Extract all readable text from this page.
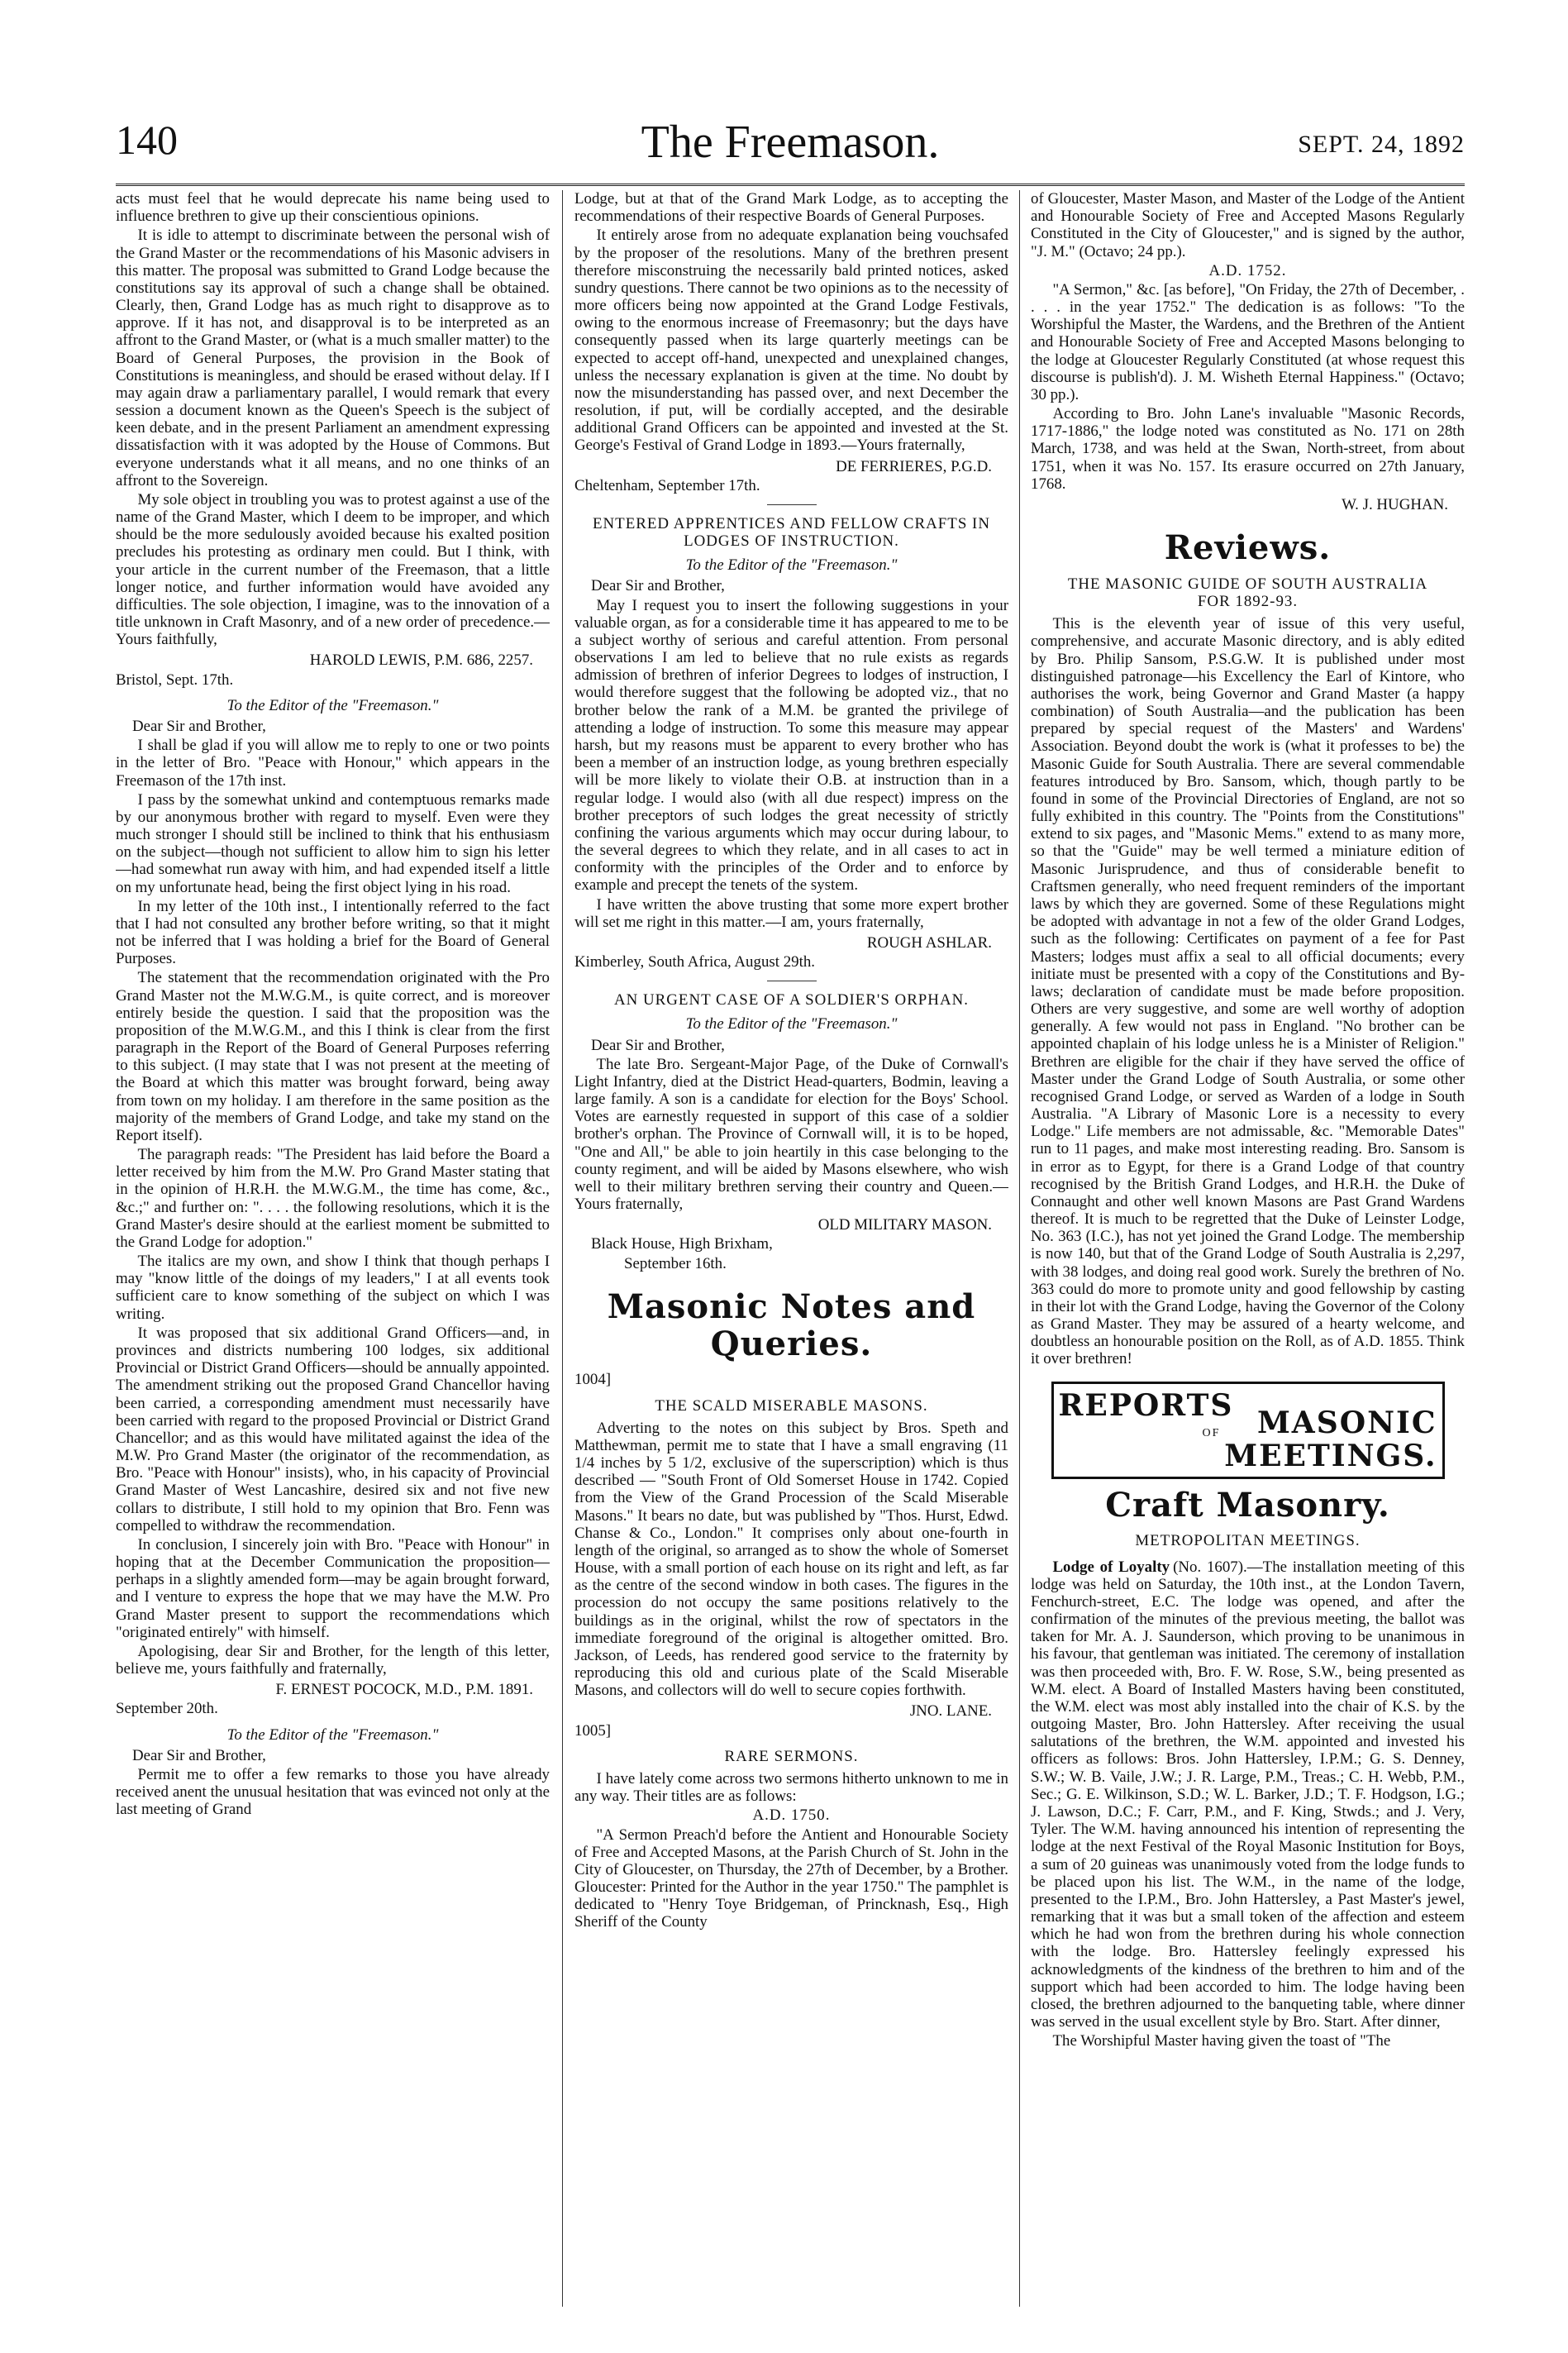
140	The Freemason.	SEPT. 24, 1892

acts must feel that he would deprecate his name being used to influence brethren to give up their conscientious opinions.

It is idle to attempt to discriminate between the personal wish of the Grand Master or the recommendations of his Masonic advisers in this matter. The proposal was submitted to Grand Lodge because the constitutions say its approval of such a change shall be obtained. Clearly, then, Grand Lodge has as much right to disapprove as to approve. If it has not, and disapproval is to be interpreted as an affront to the Grand Master, or (what is a much smaller matter) to the Board of General Purposes, the provision in the Book of Constitutions is meaningless, and should be erased without delay. If I may again draw a parliamentary parallel, I would remark that every session a document known as the Queen's Speech is the subject of keen debate, and in the present Parliament an amendment expressing dissatisfaction with it was adopted by the House of Commons. But everyone understands what it all means, and no one thinks of an affront to the Sovereign.

My sole object in troubling you was to protest against a use of the name of the Grand Master, which I deem to be improper, and which should be the more sedulously avoided because his exalted position precludes his protesting as ordinary men could. But I think, with your article in the current number of the Freemason, that a little longer notice, and further information would have avoided any difficulties. The sole objection, I imagine, was to the innovation of a title unknown in Craft Masonry, and of a new order of precedence.—Yours faithfully,

HAROLD LEWIS, P.M. 686, 2257.

Bristol, Sept. 17th.

To the Editor of the "Freemason."

Dear Sir and Brother,

I shall be glad if you will allow me to reply to one or two points in the letter of Bro. "Peace with Honour," which appears in the Freemason of the 17th inst.

I pass by the somewhat unkind and contemptuous remarks made by our anonymous brother with regard to myself. Even were they much stronger I should still be inclined to think that his enthusiasm on the subject—though not sufficient to allow him to sign his letter—had somewhat run away with him, and had expended itself a little on my unfortunate head, being the first object lying in his road.

In my letter of the 10th inst., I intentionally referred to the fact that I had not consulted any brother before writing, so that it might not be inferred that I was holding a brief for the Board of General Purposes.

The statement that the recommendation originated with the Pro Grand Master not the M.W.G.M., is quite correct, and is moreover entirely beside the question. I said that the proposition was the proposition of the M.W.G.M., and this I think is clear from the first paragraph in the Report of the Board of General Purposes referring to this subject. (I may state that I was not present at the meeting of the Board at which this matter was brought forward, being away from town on my holiday. I am therefore in the same position as the majority of the members of Grand Lodge, and take my stand on the Report itself).

The paragraph reads: "The President has laid before the Board a letter received by him from the M.W. Pro Grand Master stating that in the opinion of H.R.H. the M.W.G.M., the time has come, &c., &c.;" and further on: ". . . . the following resolutions, which it is the Grand Master's desire should at the earliest moment be submitted to the Grand Lodge for adoption."

The italics are my own, and show I think that though perhaps I may "know little of the doings of my leaders," I at all events took sufficient care to know something of the subject on which I was writing.

It was proposed that six additional Grand Officers—and, in provinces and districts numbering 100 lodges, six additional Provincial or District Grand Officers—should be annually appointed. The amendment striking out the proposed Grand Chancellor having been carried, a corresponding amendment must necessarily have been carried with regard to the proposed Provincial or District Grand Chancellor; and as this would have militated against the idea of the M.W. Pro Grand Master (the originator of the recommendation, as Bro. "Peace with Honour" insists), who, in his capacity of Provincial Grand Master of West Lancashire, desired six and not five new collars to distribute, I still hold to my opinion that Bro. Fenn was compelled to withdraw the recommendation.

In conclusion, I sincerely join with Bro. "Peace with Honour" in hoping that at the December Communication the proposition—perhaps in a slightly amended form—may be again brought forward, and I venture to express the hope that we may have the M.W. Pro Grand Master present to support the recommendations which "originated entirely" with himself.

Apologising, dear Sir and Brother, for the length of this letter, believe me, yours faithfully and fraternally,

F. ERNEST POCOCK, M.D., P.M. 1891.

September 20th.

To the Editor of the "Freemason."

Dear Sir and Brother,

Permit me to offer a few remarks to those you have already received anent the unusual hesitation that was evinced not only at the last meeting of Grand

Lodge, but at that of the Grand Mark Lodge, as to accepting the recommendations of their respective Boards of General Purposes.

It entirely arose from no adequate explanation being vouchsafed by the proposer of the resolutions. Many of the brethren present therefore misconstruing the necessarily bald printed notices, asked sundry questions. There cannot be two opinions as to the necessity of more officers being now appointed at the Grand Lodge Festivals, owing to the enormous increase of Freemasonry; but the days have consequently passed when its large quarterly meetings can be expected to accept off-hand, unexpected and unexplained changes, unless the necessary explanation is given at the time. No doubt by now the misunderstanding has passed over, and next December the resolution, if put, will be cordially accepted, and the desirable additional Grand Officers can be appointed and invested at the St. George's Festival of Grand Lodge in 1893.—Yours fraternally,

DE FERRIERES, P.G.D.

Cheltenham, September 17th.

ENTERED APPRENTICES AND FELLOW CRAFTS IN LODGES OF INSTRUCTION.

To the Editor of the "Freemason."

Dear Sir and Brother,

May I request you to insert the following suggestions in your valuable organ, as for a considerable time it has appeared to me to be a subject worthy of serious and careful attention. From personal observations I am led to believe that no rule exists as regards admission of brethren of inferior Degrees to lodges of instruction, I would therefore suggest that the following be adopted viz., that no brother below the rank of a M.M. be granted the privilege of attending a lodge of instruction. To some this measure may appear harsh, but my reasons must be apparent to every brother who has been a member of an instruction lodge, as young brethren especially will be more likely to violate their O.B. at instruction than in a regular lodge. I would also (with all due respect) impress on the brother preceptors of such lodges the great necessity of strictly confining the various arguments which may occur during labour, to the several degrees to which they relate, and in all cases to act in conformity with the principles of the Order and to enforce by example and precept the tenets of the system.

I have written the above trusting that some more expert brother will set me right in this matter.—I am, yours fraternally,

ROUGH ASHLAR.

Kimberley, South Africa, August 29th.

AN URGENT CASE OF A SOLDIER'S ORPHAN.

To the Editor of the "Freemason."

Dear Sir and Brother,

The late Bro. Sergeant-Major Page, of the Duke of Cornwall's Light Infantry, died at the District Head-quarters, Bodmin, leaving a large family. A son is a candidate for election for the Boys' School. Votes are earnestly requested in support of this case of a soldier brother's orphan. The Province of Cornwall will, it is to be hoped, "One and All," be able to join heartily in this case belonging to the county regiment, and will be aided by Masons elsewhere, who wish well to their military brethren serving their country and Queen.—Yours fraternally,

OLD MILITARY MASON.

Black House, High Brixham,

September 16th.

Masonic Notes and Queries.

1004]

THE SCALD MISERABLE MASONS.

Adverting to the notes on this subject by Bros. Speth and Matthewman, permit me to state that I have a small engraving (11 1/4 inches by 5 1/2, exclusive of the superscription) which is thus described — "South Front of Old Somerset House in 1742. Copied from the View of the Grand Procession of the Scald Miserable Masons." It bears no date, but was published by "Thos. Hurst, Edwd. Chanse & Co., London." It comprises only about one-fourth in length of the original, so arranged as to show the whole of Somerset House, with a small portion of each house on its right and left, as far as the centre of the second window in both cases. The figures in the procession do not occupy the same positions relatively to the buildings as in the original, whilst the row of spectators in the immediate foreground of the original is altogether omitted. Bro. Jackson, of Leeds, has rendered good service to the fraternity by reproducing this old and curious plate of the Scald Miserable Masons, and collectors will do well to secure copies forthwith.

JNO. LANE.

1005]

RARE SERMONS.

I have lately come across two sermons hitherto unknown to me in any way. Their titles are as follows:

A.D. 1750.

"A Sermon Preach'd before the Antient and Honourable Society of Free and Accepted Masons, at the Parish Church of St. John in the City of Gloucester, on Thursday, the 27th of December, by a Brother. Gloucester: Printed for the Author in the year 1750." The pamphlet is dedicated to "Henry Toye Bridgeman, of Princknash, Esq., High Sheriff of the County

of Gloucester, Master Mason, and Master of the Lodge of the Antient and Honourable Society of Free and Accepted Masons Regularly Constituted in the City of Gloucester," and is signed by the author, "J. M." (Octavo; 24 pp.).

A.D. 1752.

"A Sermon," &c. [as before], "On Friday, the 27th of December, . . . . in the year 1752." The dedication is as follows: "To the Worshipful the Master, the Wardens, and the Brethren of the Antient and Honourable Society of Free and Accepted Masons belonging to the lodge at Gloucester Regularly Constituted (at whose request this discourse is publish'd). J. M. Wisheth Eternal Happiness." (Octavo; 30 pp.).

According to Bro. John Lane's invaluable "Masonic Records, 1717-1886," the lodge noted was constituted as No. 171 on 28th March, 1738, and was held at the Swan, North-street, from about 1751, when it was No. 157. Its erasure occurred on 27th January, 1768.

W. J. HUGHAN.

Reviews.

THE MASONIC GUIDE OF SOUTH AUSTRALIA

FOR 1892-93.

This is the eleventh year of issue of this very useful, comprehensive, and accurate Masonic directory, and is ably edited by Bro. Philip Sansom, P.S.G.W. It is published under most distinguished patronage—his Excellency the Earl of Kintore, who authorises the work, being Governor and Grand Master (a happy combination) of South Australia—and the publication has been prepared by special request of the Masters' and Wardens' Association. Beyond doubt the work is (what it professes to be) the Masonic Guide for South Australia. There are several commendable features introduced by Bro. Sansom, which, though partly to be found in some of the Provincial Directories of England, are not so fully exhibited in this country. The "Points from the Constitutions" extend to six pages, and "Masonic Mems." extend to as many more, so that the "Guide" may be well termed a miniature edition of Masonic Jurisprudence, and thus of considerable benefit to Craftsmen generally, who need frequent reminders of the important laws by which they are governed. Some of these Regulations might be adopted with advantage in not a few of the older Grand Lodges, such as the following: Certificates on payment of a fee for Past Masters; lodges must affix a seal to all official documents; every initiate must be presented with a copy of the Constitutions and By-laws; declaration of candidate must be made before proposition. Others are very suggestive, and some are well worthy of adoption generally. A few would not pass in England. "No brother can be appointed chaplain of his lodge unless he is a Minister of Religion." Brethren are eligible for the chair if they have served the office of Master under the Grand Lodge of South Australia, or some other recognised Grand Lodge, or served as Warden of a lodge in South Australia. "A Library of Masonic Lore is a necessity to every Lodge." Life members are not admissable, &c. "Memorable Dates" run to 11 pages, and make most interesting reading. Bro. Sansom is in error as to Egypt, for there is a Grand Lodge of that country recognised by the British Grand Lodges, and H.R.H. the Duke of Connaught and other well known Masons are Past Grand Wardens thereof. It is much to be regretted that the Duke of Leinster Lodge, No. 363 (I.C.), has not yet joined the Grand Lodge. The membership is now 140, but that of the Grand Lodge of South Australia is 2,297, with 38 lodges, and doing real good work. Surely the brethren of No. 363 could do more to promote unity and good fellowship by casting in their lot with the Grand Lodge, having the Governor of the Colony as Grand Master. They may be assured of a hearty welcome, and doubtless an honourable position on the Roll, as of A.D. 1855. Think it over brethren!

REPORTS
OF	MASONIC MEETINGS.
Craft Masonry.

METROPOLITAN MEETINGS.

Lodge of Loyalty (No. 1607).—The installation meeting of this lodge was held on Saturday, the 10th inst., at the London Tavern, Fenchurch-street, E.C. The lodge was opened, and after the confirmation of the minutes of the previous meeting, the ballot was taken for Mr. A. J. Saunderson, which proving to be unanimous in his favour, that gentleman was initiated. The ceremony of installation was then proceeded with, Bro. F. W. Rose, S.W., being presented as W.M. elect. A Board of Installed Masters having been constituted, the W.M. elect was most ably installed into the chair of K.S. by the outgoing Master, Bro. John Hattersley. After receiving the usual salutations of the brethren, the W.M. appointed and invested his officers as follows: Bros. John Hattersley, I.P.M.; G. S. Denney, S.W.; W. B. Vaile, J.W.; J. R. Large, P.M., Treas.; C. H. Webb, P.M., Sec.; G. E. Wilkinson, S.D.; W. L. Barker, J.D.; T. F. Hodgson, I.G.; J. Lawson, D.C.; F. Carr, P.M., and F. King, Stwds.; and J. Very, Tyler. The W.M. having announced his intention of representing the lodge at the next Festival of the Royal Masonic Institution for Boys, a sum of 20 guineas was unanimously voted from the lodge funds to be placed upon his list. The W.M., in the name of the lodge, presented to the I.P.M., Bro. John Hattersley, a Past Master's jewel, remarking that it was but a small token of the affection and esteem which he had won from the brethren during his whole connection with the lodge. Bro. Hattersley feelingly expressed his acknowledgments of the kindness of the brethren to him and of the support which had been accorded to him. The lodge having been closed, the brethren adjourned to the banqueting table, where dinner was served in the usual excellent style by Bro. Start. After dinner,

The Worshipful Master having given the toast of "The
